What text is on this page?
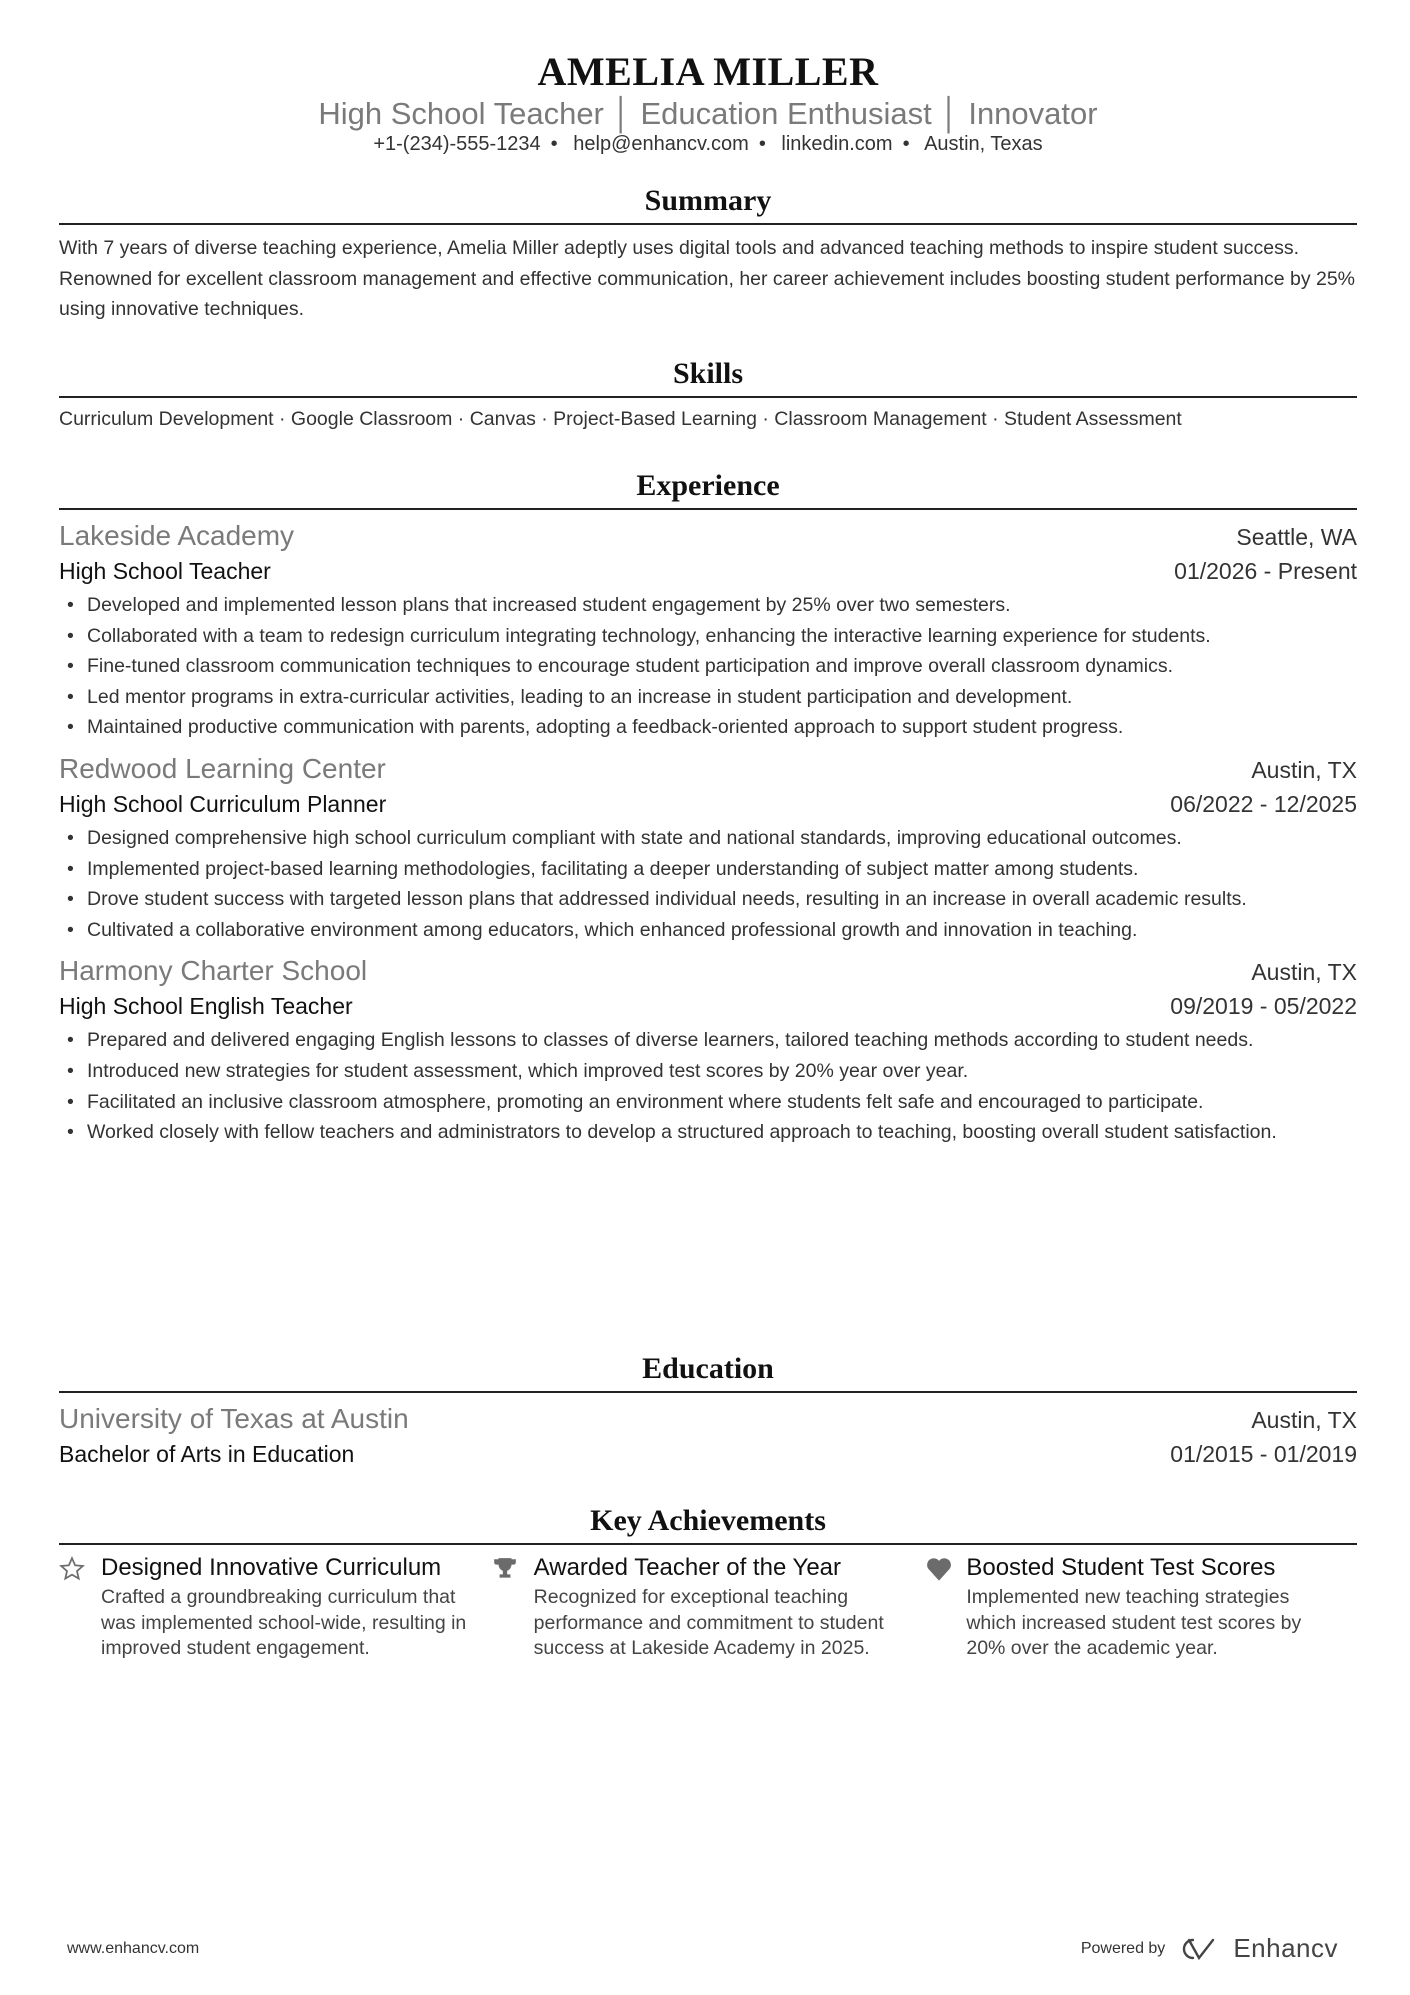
AMELIA MILLER
High School Teacher │ Education Enthusiast │ Innovator
+1-(234)-555-1234 • help@enhancv.com • linkedin.com • Austin, Texas
Summary
With 7 years of diverse teaching experience, Amelia Miller adeptly uses digital tools and advanced teaching methods to inspire student success. Renowned for excellent classroom management and effective communication, her career achievement includes boosting student performance by 25% using innovative techniques.
Skills
Curriculum Development · Google Classroom · Canvas · Project-Based Learning · Classroom Management · Student Assessment
Experience
Lakeside Academy	Seattle, WA
High School Teacher	01/2026 - Present
• Developed and implemented lesson plans that increased student engagement by 25% over two semesters.
• Collaborated with a team to redesign curriculum integrating technology, enhancing the interactive learning experience for students.
• Fine-tuned classroom communication techniques to encourage student participation and improve overall classroom dynamics.
• Led mentor programs in extra-curricular activities, leading to an increase in student participation and development.
• Maintained productive communication with parents, adopting a feedback-oriented approach to support student progress.
Redwood Learning Center	Austin, TX
High School Curriculum Planner	06/2022 - 12/2025
• Designed comprehensive high school curriculum compliant with state and national standards, improving educational outcomes.
• Implemented project-based learning methodologies, facilitating a deeper understanding of subject matter among students.
• Drove student success with targeted lesson plans that addressed individual needs, resulting in an increase in overall academic results.
• Cultivated a collaborative environment among educators, which enhanced professional growth and innovation in teaching.
Harmony Charter School	Austin, TX
High School English Teacher	09/2019 - 05/2022
• Prepared and delivered engaging English lessons to classes of diverse learners, tailored teaching methods according to student needs.
• Introduced new strategies for student assessment, which improved test scores by 20% year over year.
• Facilitated an inclusive classroom atmosphere, promoting an environment where students felt safe and encouraged to participate.
• Worked closely with fellow teachers and administrators to develop a structured approach to teaching, boosting overall student satisfaction.
Education
University of Texas at Austin	Austin, TX
Bachelor of Arts in Education	01/2015 - 01/2019
Key Achievements
Designed Innovative Curriculum
Crafted a groundbreaking curriculum that was implemented school-wide, resulting in improved student engagement.
Awarded Teacher of the Year
Recognized for exceptional teaching performance and commitment to student success at Lakeside Academy in 2025.
Boosted Student Test Scores
Implemented new teaching strategies which increased student test scores by 20% over the academic year.
www.enhancv.com	Powered by	Enhancv
